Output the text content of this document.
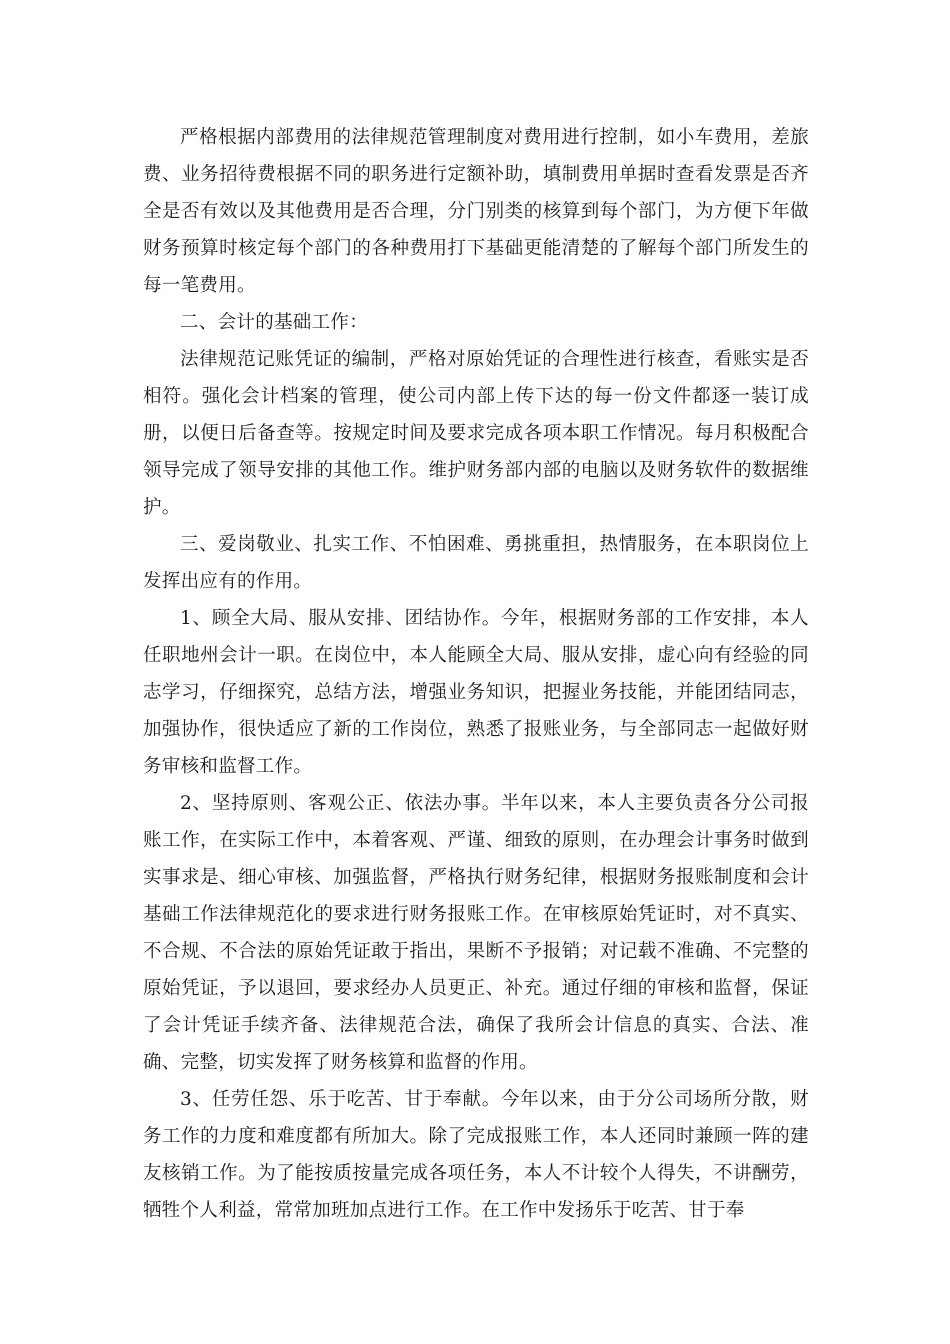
严格根据内部费用的法律规范管理制度对费用进行控制，如小车费用，差旅费、业务招待费根据不同的职务进行定额补助，填制费用单据时查看发票是否齐全是否有效以及其他费用是否合理，分门别类的核算到每个部门，为方便下年做财务预算时核定每个部门的各种费用打下基础更能清楚的了解每个部门所发生的每一笔费用。

二、会计的基础工作：

法律规范记账凭证的编制，严格对原始凭证的合理性进行核查，看账实是否相符。强化会计档案的管理，使公司内部上传下达的每一份文件都逐一装订成册，以便日后备查等。按规定时间及要求完成各项本职工作情况。每月积极配合领导完成了领导安排的其他工作。维护财务部内部的电脑以及财务软件的数据维护。

三、爱岗敬业、扎实工作、不怕困难、勇挑重担，热情服务，在本职岗位上发挥出应有的作用。

1、顾全大局、服从安排、团结协作。今年，根据财务部的工作安排，本人任职地州会计一职。在岗位中，本人能顾全大局、服从安排，虚心向有经验的同志学习，仔细探究，总结方法，增强业务知识，把握业务技能，并能团结同志，加强协作，很快适应了新的工作岗位，熟悉了报账业务，与全部同志一起做好财务审核和监督工作。

2、坚持原则、客观公正、依法办事。半年以来，本人主要负责各分公司报账工作，在实际工作中，本着客观、严谨、细致的原则，在办理会计事务时做到实事求是、细心审核、加强监督，严格执行财务纪律，根据财务报账制度和会计基础工作法律规范化的要求进行财务报账工作。在审核原始凭证时，对不真实、不合规、不合法的原始凭证敢于指出，果断不予报销；对记载不准确、不完整的原始凭证，予以退回，要求经办人员更正、补充。通过仔细的审核和监督，保证了会计凭证手续齐备、法律规范合法，确保了我所会计信息的真实、合法、准确、完整，切实发挥了财务核算和监督的作用。

3、任劳任怨、乐于吃苦、甘于奉献。今年以来，由于分公司场所分散，财务工作的力度和难度都有所加大。除了完成报账工作，本人还同时兼顾一阵的建友核销工作。为了能按质按量完成各项任务，本人不计较个人得失，不讲酬劳，牺牲个人利益，常常加班加点进行工作。在工作中发扬乐于吃苦、甘于奉
